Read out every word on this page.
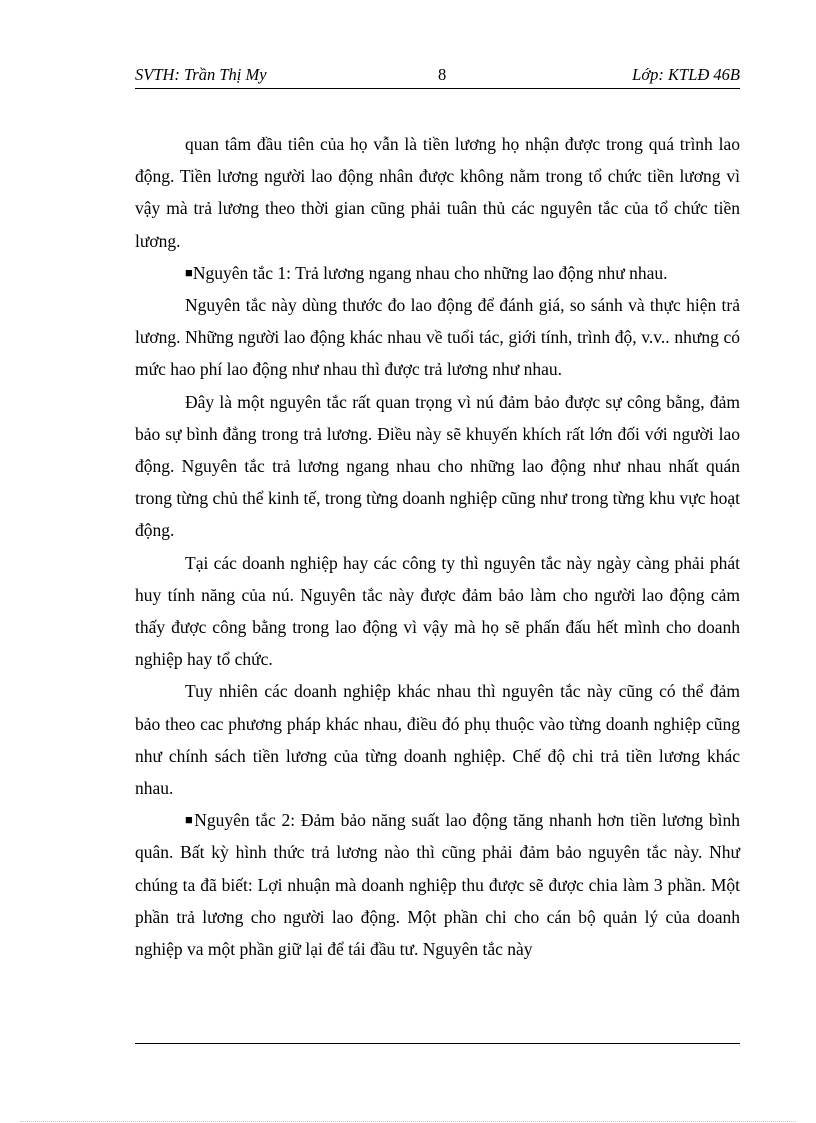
SVTH: Trần Thị My	8	Lớp: KTLĐ 46B

quan tâm đầu tiên của họ vẫn là tiền lương họ nhận được trong quá trình lao động. Tiền lương người lao động nhân được không nằm trong tổ chức tiền lương vì vậy mà trả lương theo thời gian cũng phải tuân thủ các nguyên tắc của tổ chức tiền lương.

■Nguyên tắc 1: Trả lương ngang nhau cho những lao động như nhau.

Nguyên tắc này dùng thước đo lao động để đánh giá, so sánh và thực hiện trả lương. Những người lao động khác nhau về tuổi tác, giới tính, trình độ, v.v.. nhưng có mức hao phí lao động như nhau thì được trả lương như nhau.

Đây là một nguyên tắc rất quan trọng vì nú đảm bảo được sự công bằng, đảm bảo sự bình đẳng trong trả lương. Điều này sẽ khuyến khích rất lớn đối với người lao động. Nguyên tắc trả lương ngang nhau cho những lao động như nhau nhất quán trong từng chủ thể kinh tế, trong từng doanh nghiệp cũng như trong từng khu vực hoạt động.

Tại các doanh nghiệp hay các công ty thì nguyên tắc này ngày càng phải phát huy tính năng của nú. Nguyên tắc này được đảm bảo làm cho người lao động cảm thấy được công bằng trong lao động vì vậy mà họ sẽ phấn đấu hết mình cho doanh nghiệp hay tổ chức.

Tuy nhiên các doanh nghiệp khác nhau thì nguyên tắc này cũng có thể đảm bảo theo cac phương pháp khác nhau, điều đó phụ thuộc vào từng doanh nghiệp cũng như chính sách tiền lương của từng doanh nghiệp. Chế độ chi trả tiền lương khác nhau.

■Nguyên tắc 2: Đảm bảo năng suất lao động tăng nhanh hơn tiền lương bình quân. Bất kỳ hình thức trả lương nào thì cũng phải đảm bảo nguyên tắc này. Như chúng ta đã biết: Lợi nhuận mà doanh nghiệp thu được sẽ được chia làm 3 phần. Một phần trả lương cho người lao động. Một phần chi cho cán bộ quản lý của doanh nghiệp va một phần giữ lại để tái đầu tư. Nguyên tắc này
